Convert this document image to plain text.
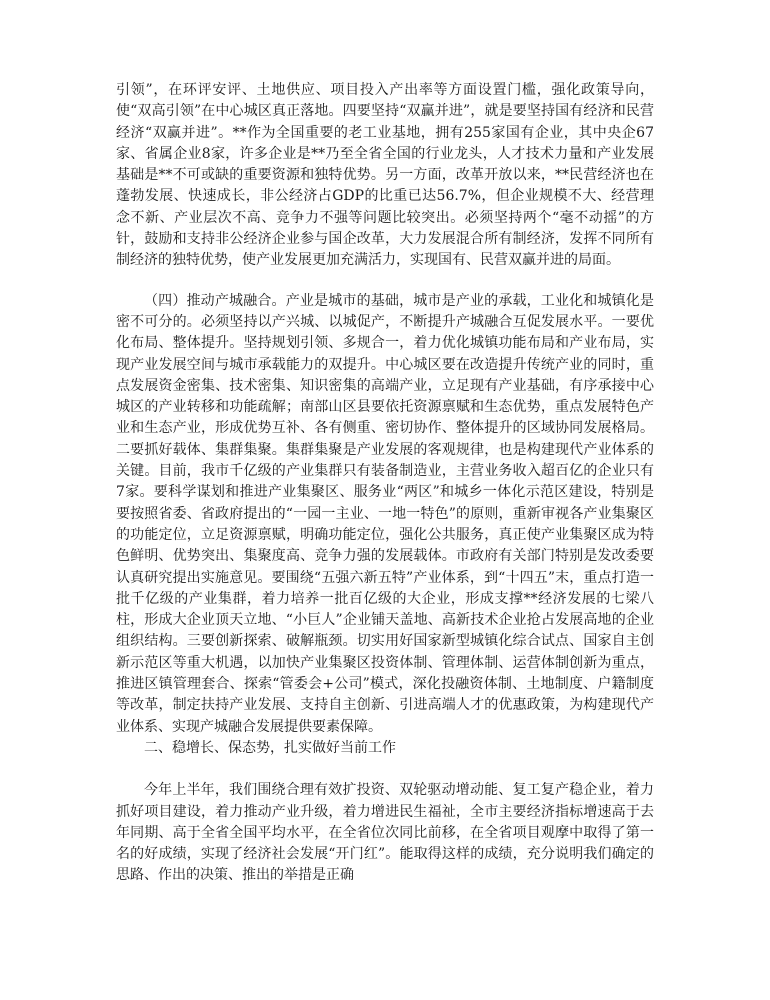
引领”，在环评安评、土地供应、项目投入产出率等方面设置门槛，强化政策导向，使“双高引领”在中心城区真正落地。四要坚持“双赢并进”，就是要坚持国有经济和民营经济“双赢并进”。**作为全国重要的老工业基地，拥有255家国有企业，其中央企67家、省属企业8家，许多企业是**乃至全省全国的行业龙头，人才技术力量和产业发展基础是**不可或缺的重要资源和独特优势。另一方面，改革开放以来，**民营经济也在蓬勃发展、快速成长，非公经济占GDP的比重已达56.7%，但企业规模不大、经营理念不新、产业层次不高、竞争力不强等问题比较突出。必须坚持两个“毫不动摇”的方针，鼓励和支持非公经济企业参与国企改革，大力发展混合所有制经济，发挥不同所有制经济的独特优势，使产业发展更加充满活力，实现国有、民营双赢并进的局面。

（四）推动产城融合。产业是城市的基础，城市是产业的承载，工业化和城镇化是密不可分的。必须坚持以产兴城、以城促产，不断提升产城融合互促发展水平。一要优化布局、整体提升。坚持规划引领、多规合一，着力优化城镇功能布局和产业布局，实现产业发展空间与城市承载能力的双提升。中心城区要在改造提升传统产业的同时，重点发展资金密集、技术密集、知识密集的高端产业，立足现有产业基础，有序承接中心城区的产业转移和功能疏解；南部山区县要依托资源禀赋和生态优势，重点发展特色产业和生态产业，形成优势互补、各有侧重、密切协作、整体提升的区域协同发展格局。二要抓好载体、集群集聚。集群集聚是产业发展的客观规律，也是构建现代产业体系的关键。目前，我市千亿级的产业集群只有装备制造业，主营业务收入超百亿的企业只有7家。要科学谋划和推进产业集聚区、服务业“两区”和城乡一体化示范区建设，特别是要按照省委、省政府提出的“一园一主业、一地一特色”的原则，重新审视各产业集聚区的功能定位，立足资源禀赋，明确功能定位，强化公共服务，真正使产业集聚区成为特色鲜明、优势突出、集聚度高、竞争力强的发展载体。市政府有关部门特别是发改委要认真研究提出实施意见。要围绕“五强六新五特”产业体系，到“十四五”末，重点打造一批千亿级的产业集群，着力培养一批百亿级的大企业，形成支撑**经济发展的七梁八柱，形成大企业顶天立地、“小巨人”企业铺天盖地、高新技术企业抢占发展高地的企业组织结构。三要创新探索、破解瓶颈。切实用好国家新型城镇化综合试点、国家自主创新示范区等重大机遇，以加快产业集聚区投资体制、管理体制、运营体制创新为重点，推进区镇管理套合、探索“管委会+公司”模式，深化投融资体制、土地制度、户籍制度等改革，制定扶持产业发展、支持自主创新、引进高端人才的优惠政策，为构建现代产业体系、实现产城融合发展提供要素保障。

二、稳增长、保态势，扎实做好当前工作

今年上半年，我们围绕合理有效扩投资、双轮驱动增动能、复工复产稳企业，着力抓好项目建设，着力推动产业升级，着力增进民生福祉，全市主要经济指标增速高于去年同期、高于全省全国平均水平，在全省位次同比前移，在全省项目观摩中取得了第一名的好成绩，实现了经济社会发展“开门红”。能取得这样的成绩，充分说明我们确定的思路、作出的决策、推出的举措是正确
